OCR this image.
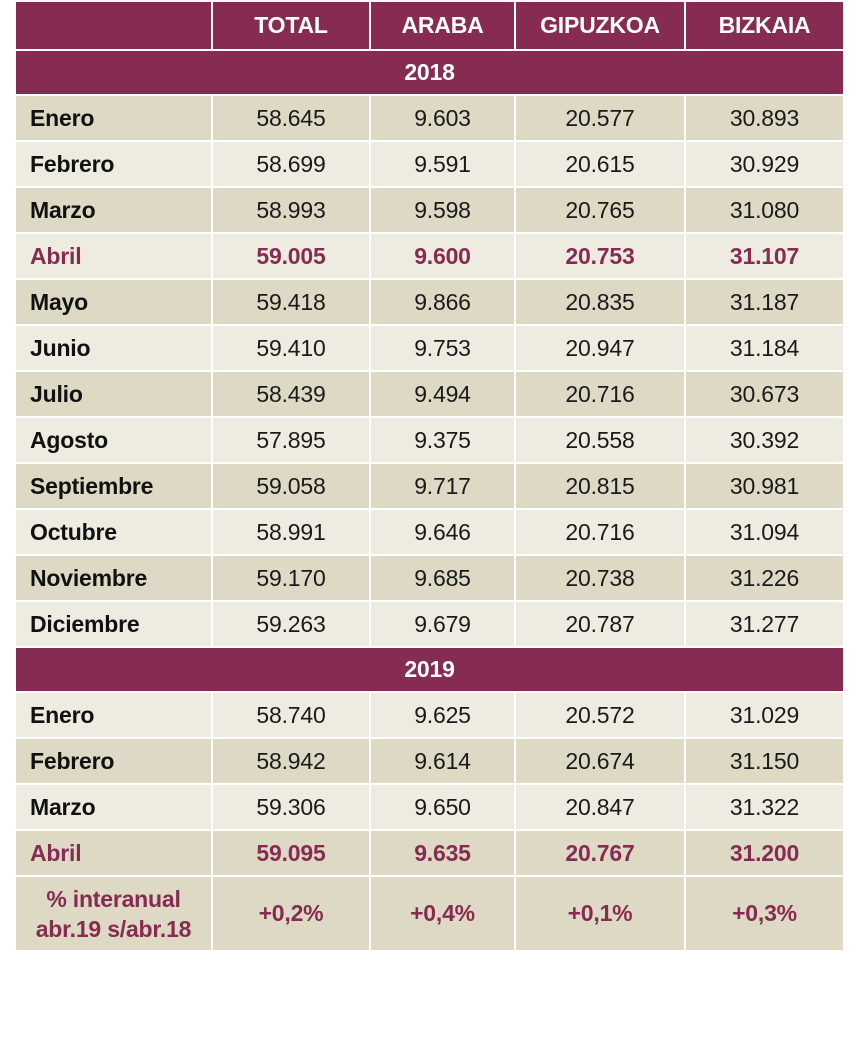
	TOTAL	ARABA	GIPUZKOA	BIZKAIA
2018				
Enero	58.645	9.603	20.577	30.893
Febrero	58.699	9.591	20.615	30.929
Marzo	58.993	9.598	20.765	31.080
Abril	59.005	9.600	20.753	31.107
Mayo	59.418	9.866	20.835	31.187
Junio	59.410	9.753	20.947	31.184
Julio	58.439	9.494	20.716	30.673
Agosto	57.895	9.375	20.558	30.392
Septiembre	59.058	9.717	20.815	30.981
Octubre	58.991	9.646	20.716	31.094
Noviembre	59.170	9.685	20.738	31.226
Diciembre	59.263	9.679	20.787	31.277
2019				
Enero	58.740	9.625	20.572	31.029
Febrero	58.942	9.614	20.674	31.150
Marzo	59.306	9.650	20.847	31.322
Abril	59.095	9.635	20.767	31.200

% interanual
abr.19 s/abr.18	+0,2%	+0,4%	+0,1%	+0,3%
